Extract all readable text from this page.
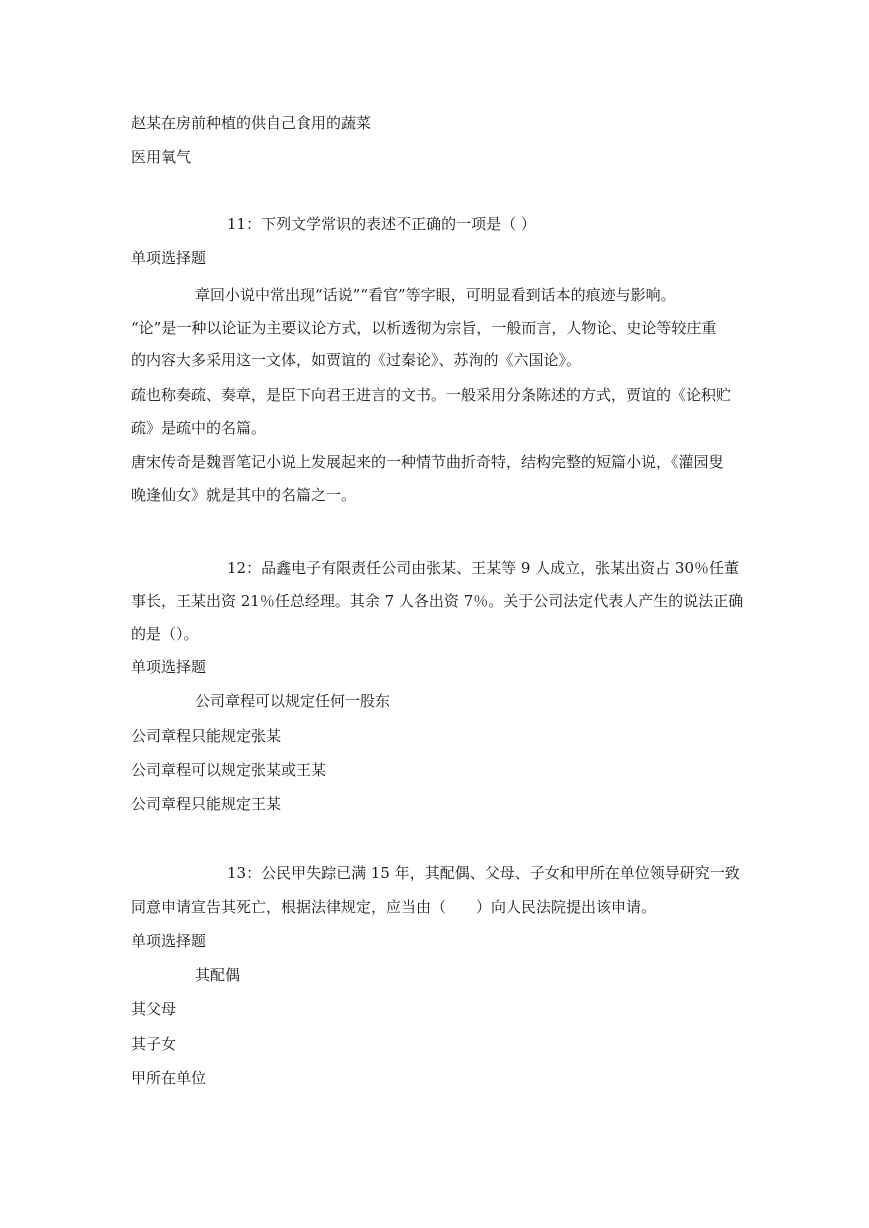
赵某在房前种植的供自己食用的蔬菜
医用氧气
11：下列文学常识的表述不正确的一项是（ ）
单项选择题
章回小说中常出现“话说”“看官”等字眼，可明显看到话本的痕迹与影响。
“论”是一种以论证为主要议论方式，以析透彻为宗旨，一般而言，人物论、史论等较庄重
的内容大多采用这一文体，如贾谊的《过秦论》、苏洵的《六国论》。
疏也称奏疏、奏章，是臣下向君王进言的文书。一般采用分条陈述的方式，贾谊的《论积贮
疏》是疏中的名篇。
唐宋传奇是魏晋笔记小说上发展起来的一种情节曲折奇特，结构完整的短篇小说，《灌园叟
晚逢仙女》就是其中的名篇之一。
12：品鑫电子有限责任公司由张某、王某等 9 人成立，张某出资占 30％任董
事长，王某出资 21％任总经理。其余 7 人各出资 7％。关于公司法定代表人产生的说法正确
的是（）。
单项选择题
公司章程可以规定任何一股东
公司章程只能规定张某
公司章程可以规定张某或王某
公司章程只能规定王某
13：公民甲失踪已满 15 年，其配偶、父母、子女和甲所在单位领导研究一致
同意申请宣告其死亡，根据法律规定，应当由（　　）向人民法院提出该申请。
单项选择题
其配偶
其父母
其子女
甲所在单位
